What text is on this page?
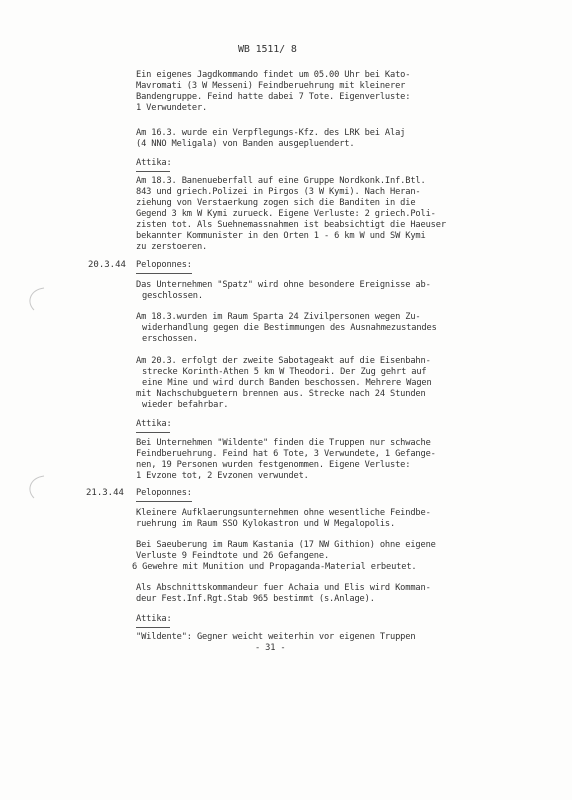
WB 1511/ 8
Ein eigenes Jagdkommando findet um 05.00 Uhr bei Kato-
Mavromati (3 W Messeni) Feindberuehrung mit kleinerer
Bandengruppe. Feind hatte dabei 7 Tote. Eigenverluste:
1 Verwundeter.
Am 16.3. wurde ein Verpflegungs-Kfz. des LRK bei Alaj
(4 NNO Meligala) von Banden ausgepluendert.
Attika:
Am 18.3. Banenueberfall auf eine Gruppe Nordkonk.Inf.Btl.
843 und griech.Polizei in Pirgos (3 W Kymi). Nach Heran-
ziehung von Verstaerkung zogen sich die Banditen in die
Gegend 3 km W Kymi zurueck. Eigene Verluste: 2 griech.Poli-
zisten tot. Als Suehnemassnahmen ist beabsichtigt die Haeuser
bekannter Kommunister in den Orten 1 - 6 km W und SW Kymi
zu zerstoeren.
20.3.44 Peloponnes:
Das Unternehmen "Spatz" wird ohne besondere Ereignisse ab-
geschlossen.
Am 18.3.wurden im Raum Sparta 24 Zivilpersonen wegen Zu-
widerhandlung gegen die Bestimmungen des Ausnahmezustandes
erschossen.
Am 20.3. erfolgt der zweite Sabotageakt auf die Eisenbahn-
strecke Korinth-Athen 5 km W Theodori. Der Zug gehrt auf
eine Mine und wird durch Banden beschossen. Mehrere Wagen
mit Nachschubguetern brennen aus. Strecke nach 24 Stunden
wieder befahrbar.
Attika:
Bei Unternehmen "Wildente" finden die Truppen nur schwache
Feindberuehrung. Feind hat 6 Tote, 3 Verwundete, 1 Gefange-
nen, 19 Personen wurden festgenommen. Eigene Verluste:
1 Evzone tot, 2 Evzonen verwundet.
21.3.44 Peloponnes:
Kleinere Aufklaerungsunternehmen ohne wesentliche Feindbe-
ruehrung im Raum SSO Kylokastron und W Megalopolis.
Bei Saeuberung im Raum Kastania (17 NW Githion) ohne eigene
Verluste 9 Feindtote und 26 Gefangene.
6 Gewehre mit Munition und Propaganda-Material erbeutet.
Als Abschnittskommandeur fuer Achaia und Elis wird Komman-
deur Fest.Inf.Rgt.Stab 965 bestimmt (s.Anlage).
Attika:
"Wildente": Gegner weicht weiterhin vor eigenen Truppen
- 31 -
